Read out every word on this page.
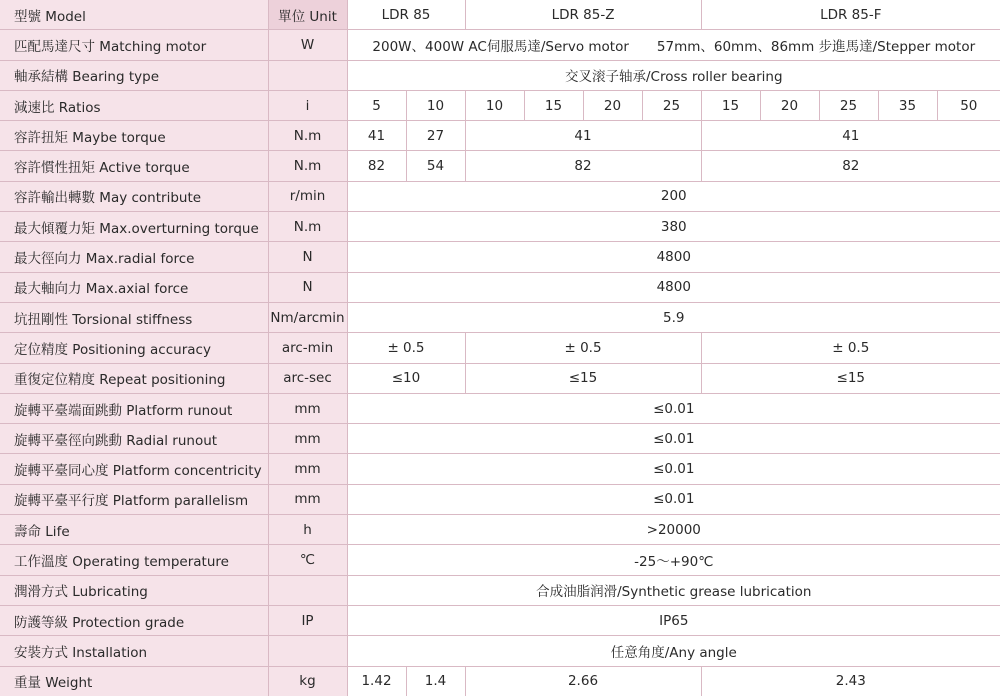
型號 Model	單位 Unit	LDR 85		LDR 85-Z				LDR 85-F				
匹配馬達尺寸 Matching motor	W	200W、400W AC伺服馬達/Servo motor 57mm、60mm、86mm 步進馬達/Stepper motor										
軸承結構 Bearing type		交叉滚子轴承/Cross roller bearing										
減速比 Ratios	i	5	10	10	15	20	25	15	20	25	35	50
容許扭矩 Maybe torque	N.m	41	27	41				41				
容許慣性扭矩 Active torque	N.m	82	54	82				82				
容許輸出轉數 May contribute	r/min	200										
最大傾覆力矩 Max.overturning torque	N.m	380										
最大徑向力 Max.radial force	N	4800										
最大軸向力 Max.axial force	N	4800										
坑扭剛性 Torsional stiffness	Nm/arcmin	5.9										
定位精度 Positioning accuracy	arc-min	± 0.5		± 0.5				± 0.5				
重復定位精度 Repeat positioning	arc-sec	≤10		≤15				≤15				
旋轉平臺端面跳動 Platform runout	mm	≤0.01										
旋轉平臺徑向跳動 Radial runout	mm	≤0.01										
旋轉平臺同心度 Platform concentricity	mm	≤0.01										
旋轉平臺平行度 Platform parallelism	mm	≤0.01										
壽命 Life	h	>20000										
工作溫度 Operating temperature	℃	-25～+90℃										
潤滑方式 Lubricating		合成油脂润滑/Synthetic grease lubrication										
防護等級 Protection grade	IP	IP65										
安裝方式 Installation		任意角度/Any angle										
重量 Weight	kg	1.42	1.4	2.66				2.43				
